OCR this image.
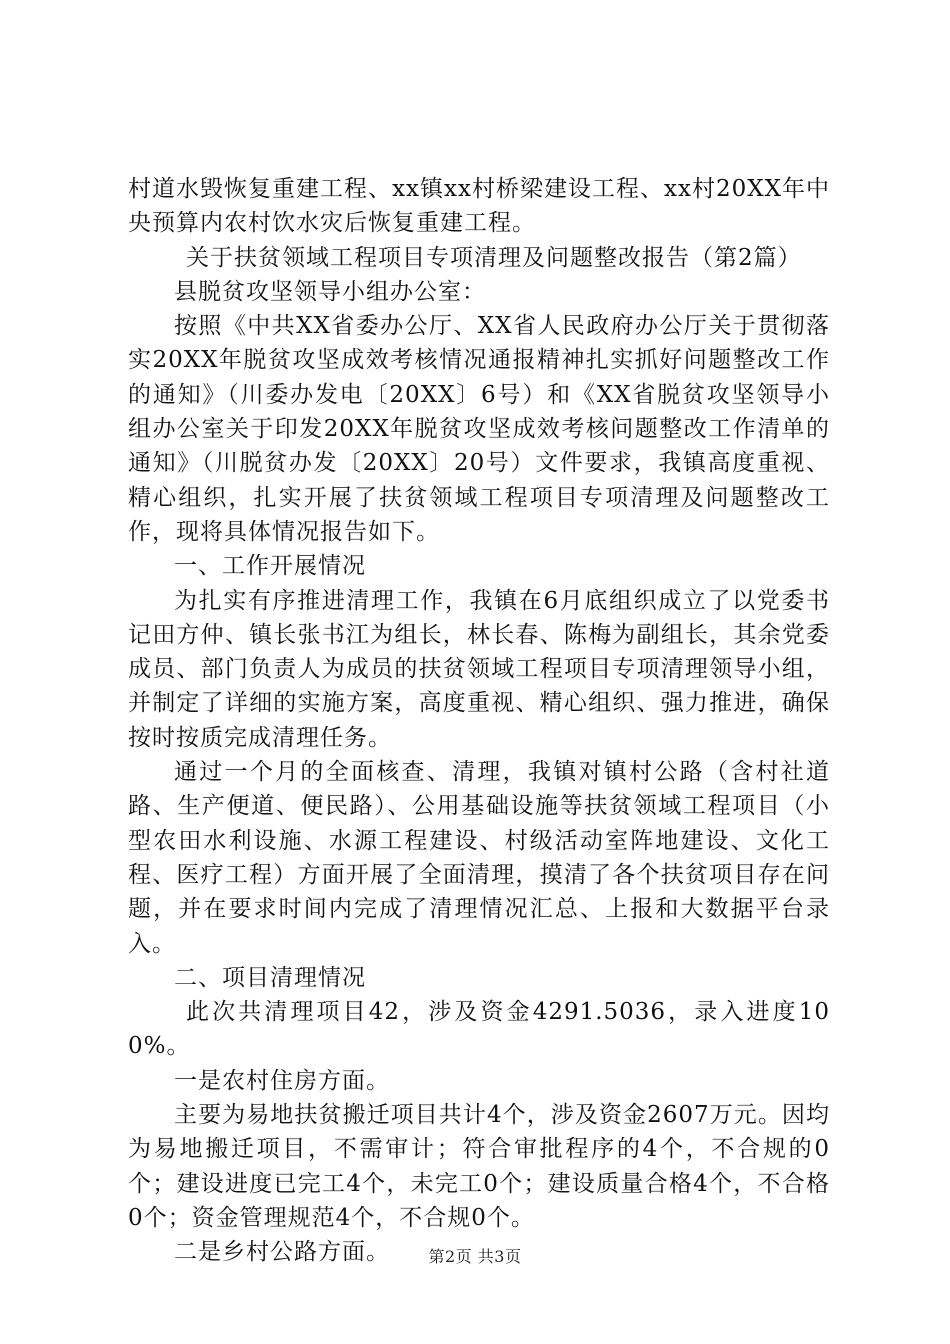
村道水毁恢复重建工程、xx镇xx村桥梁建设工程、xx村20XX年中央预算内农村饮水灾后恢复重建工程。

关于扶贫领域工程项目专项清理及问题整改报告（第2篇）

县脱贫攻坚领导小组办公室：

按照《中共XX省委办公厅、XX省人民政府办公厅关于贯彻落实20XX年脱贫攻坚成效考核情况通报精神扎实抓好问题整改工作的通知》（川委办发电〔20XX〕6号）和《XX省脱贫攻坚领导小组办公室关于印发20XX年脱贫攻坚成效考核问题整改工作清单的通知》（川脱贫办发〔20XX〕20号）文件要求，我镇高度重视、精心组织，扎实开展了扶贫领域工程项目专项清理及问题整改工作，现将具体情况报告如下。

一、工作开展情况

为扎实有序推进清理工作，我镇在6月底组织成立了以党委书记田方仲、镇长张书江为组长，林长春、陈梅为副组长，其余党委成员、部门负责人为成员的扶贫领域工程项目专项清理领导小组，并制定了详细的实施方案，高度重视、精心组织、强力推进，确保按时按质完成清理任务。

通过一个月的全面核查、清理，我镇对镇村公路（含村社道路、生产便道、便民路）、公用基础设施等扶贫领域工程项目（小型农田水利设施、水源工程建设、村级活动室阵地建设、文化工程、医疗工程）方面开展了全面清理，摸清了各个扶贫项目存在问题，并在要求时间内完成了清理情况汇总、上报和大数据平台录入。

二、项目清理情况

此次共清理项目42，涉及资金4291.5036，录入进度100%。

一是农村住房方面。

主要为易地扶贫搬迁项目共计4个，涉及资金2607万元。因均为易地搬迁项目，不需审计；符合审批程序的4个，不合规的0个；建设进度已完工4个，未完工0个；建设质量合格4个，不合格0个；资金管理规范4个，不合规0个。

二是乡村公路方面。	第2页 共3页
